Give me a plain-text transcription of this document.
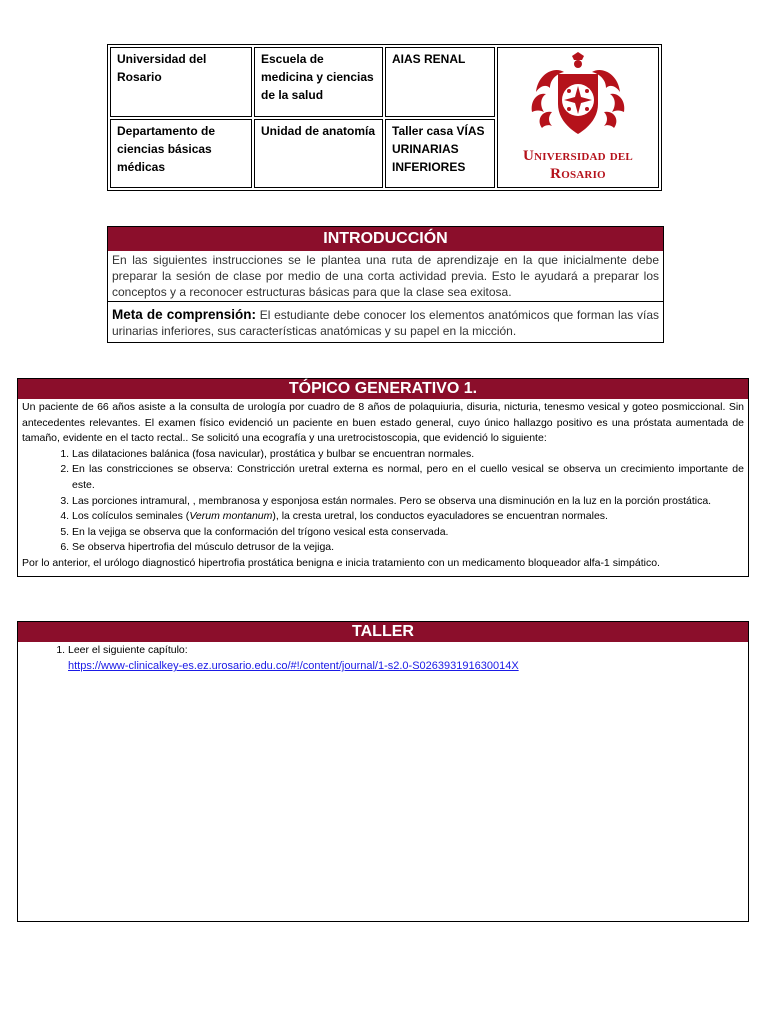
Universidad del Rosario	Escuela de medicina y ciencias de la salud	AIAS RENAL	Universidad del Rosario

Departamento de ciencias básicas médicas	Unidad de anatomía	Taller casa VÍAS URINARIAS INFERIORES	
INTRODUCCIÓN

En las siguientes instrucciones se le plantea una ruta de aprendizaje en la que inicialmente debe preparar la sesión de clase por medio de una corta actividad previa. Esto le ayudará a preparar los conceptos y a reconocer estructuras básicas para que la clase sea exitosa.

Meta de comprensión: El estudiante debe conocer los elementos anatómicos que forman las vías urinarias inferiores, sus características anatómicas y su papel en la micción.

TÓPICO GENERATIVO 1.
Un paciente de 66 años asiste a la consulta de urología por cuadro de 8 años de polaquiuria, disuria, nicturia, tenesmo vesical y goteo posmiccional. Sin antecedentes relevantes. El examen físico evidenció un paciente en buen estado general, cuyo único hallazgo positivo es una próstata aumentada de tamaño, evidente en el tacto rectal.. Se solicitó una ecografía y una uretrocistoscopia, que evidenció lo siguiente:
1. Las dilataciones balánica (fosa navicular), prostática y bulbar se encuentran normales.
2. En las constricciones se observa: Constricción uretral externa es normal, pero en el cuello vesical se observa un crecimiento importante de este.
3. Las porciones intramural, , membranosa y esponjosa están normales. Pero se observa una disminución en la luz en la porción prostática.
4. Los colículos seminales (Verum montanum), la cresta uretral, los conductos eyaculadores se encuentran normales.
5. En la vejiga se observa que la conformación del trígono vesical esta conservada.
6. Se observa hipertrofia del músculo detrusor de la vejiga.
Por lo anterior, el urólogo diagnosticó hipertrofia prostática benigna e inicia tratamiento con un medicamento bloqueador alfa-1 simpático.
TALLER
1. Leer el siguiente capítulo:
https://www-clinicalkey-es.ez.urosario.edu.co/#!/content/journal/1-s2.0-S026393191630014X
